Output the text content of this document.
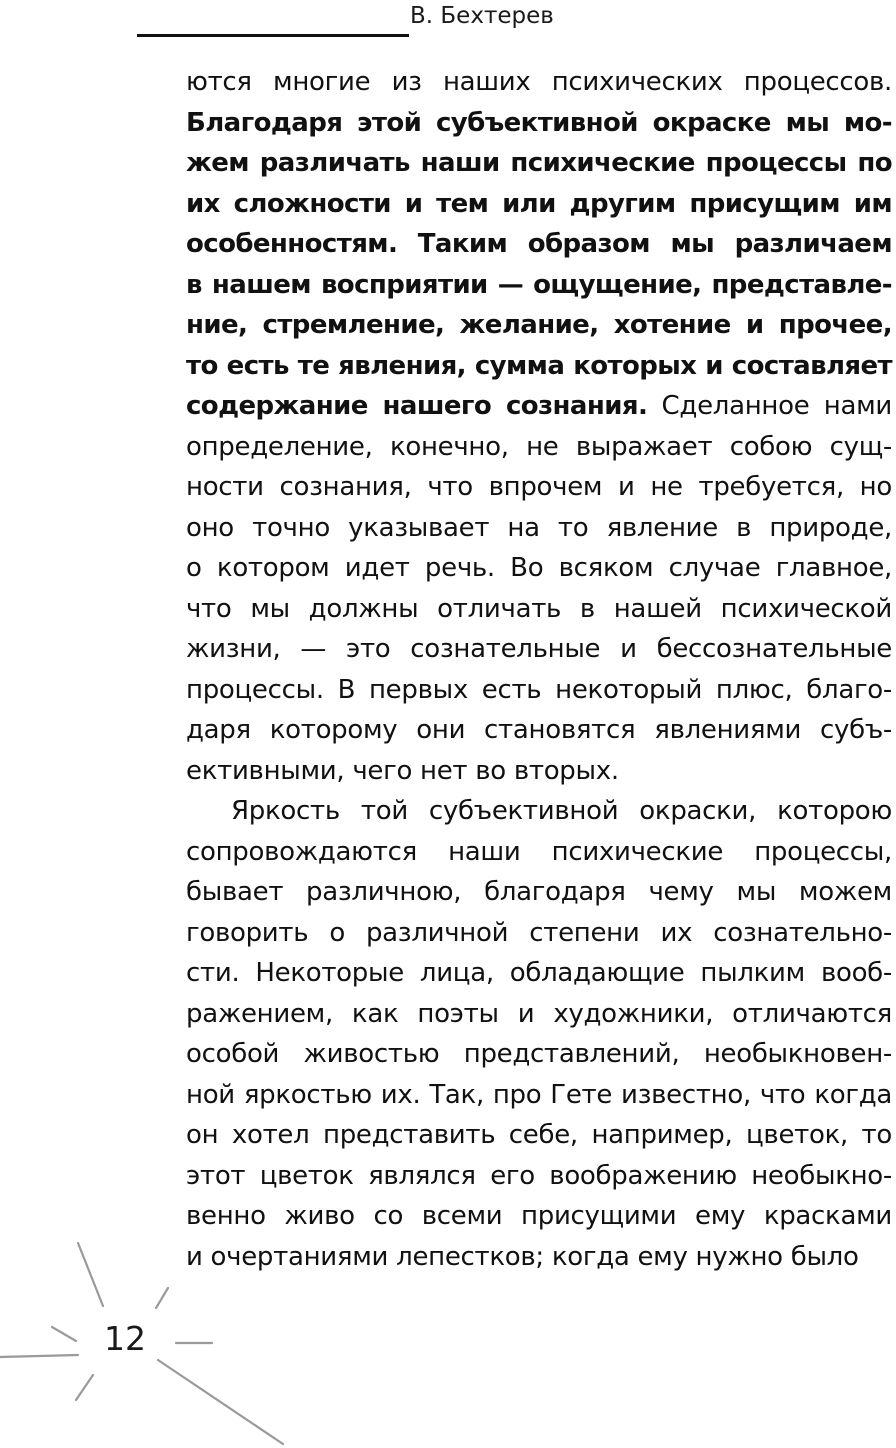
В. Бехтерев
ются многие из наших психических процессов.
Благодаря этой субъективной окраске мы мо-
жем различать наши психические процессы по
их сложности и тем или другим присущим им
особенностям. Таким образом мы различаем
в нашем восприятии — ощущение, представле-
ние, стремление, желание, хотение и прочее,
то есть те явления, сумма которых и составляет
содержание нашего сознания. Сделанное нами
определение, конечно, не выражает собою сущ-
ности сознания, что впрочем и не требуется, но
оно точно указывает на то явление в природе,
о котором идет речь. Во всяком случае главное,
что мы должны отличать в нашей психической
жизни, — это сознательные и бессознательные
процессы. В первых есть некоторый плюс, благо-
даря которому они становятся явлениями субъ-
ективными, чего нет во вторых.
Яркость той субъективной окраски, которою
сопровождаются наши психические процессы,
бывает различною, благодаря чему мы можем
говорить о различной степени их сознательно-
сти. Некоторые лица, обладающие пылким вооб-
ражением, как поэты и художники, отличаются
особой живостью представлений, необыкновен-
ной яркостью их. Так, про Гете известно, что когда
он хотел представить себе, например, цветок, то
этот цветок являлся его воображению необыкно-
венно живо со всеми присущими ему красками
и очертаниями лепестков; когда ему нужно было
12
